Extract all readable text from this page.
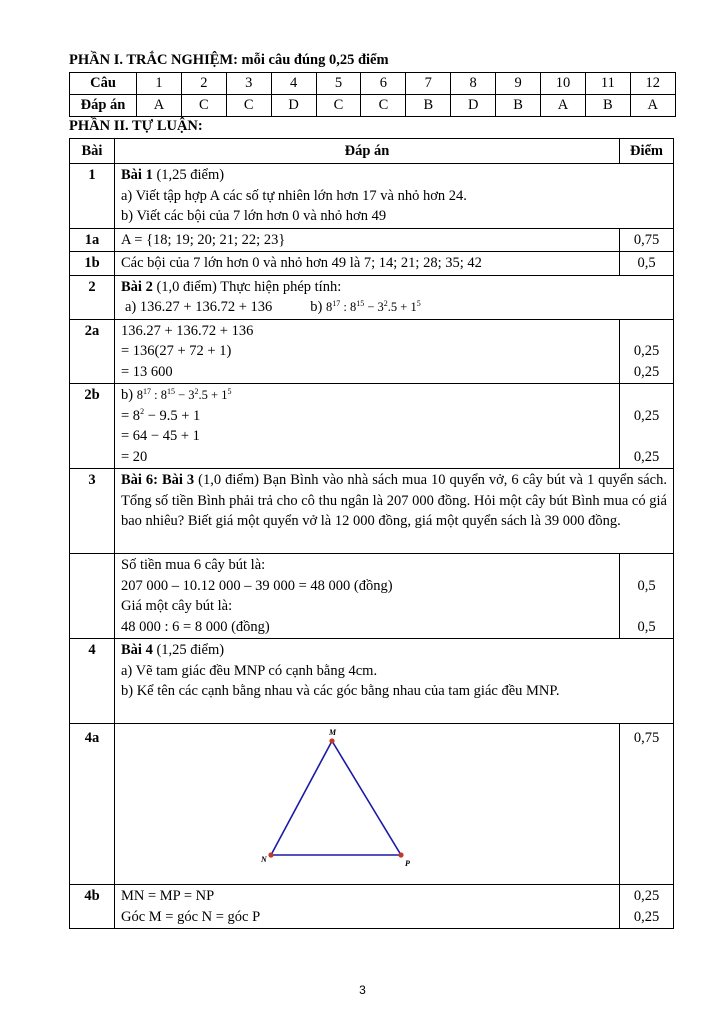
PHẦN I. TRẮC NGHIỆM: mỗi câu đúng 0,25 điểm
Câu	1	2	3	4	5	6	7	8	9	10	11	12
Đáp án	A	C	C	D	C	C	B	D	B	A	B	A
PHẦN II. TỰ LUẬN:
Bài	Đáp án	Điểm
1	Bài 1 (1,25 điểm)
a) Viết tập hợp A các số tự nhiên lớn hơn 17 và nhỏ hơn 24.
b) Viết các bội của 7 lớn hơn 0 và nhỏ hơn 49	

1a	A = {18; 19; 20; 21; 22; 23}	0,75
1b	Các bội của 7 lớn hơn 0 và nhỏ hơn 49 là 7; 14; 21; 28; 35; 42	0,5
2	Bài 2 (1,0 điểm) Thực hiện phép tính:
a) 136.27 + 136.72 + 136 b) $8^{17}$ : $8^{15} - 3^2.5 + 1^5$

2a	136.27 + 136.72 + 136
= 136(27 + 72 + 1)
= 13 600	0,25
0,25

2b	b) $8^{17}$ : $8^{15} - 3^2.5 + 1^5$
= $8^2 - 9.5 + 1$
= 64 − 45 + 1
= 20	0,25
0,25

3	Bài 6: Bài 3 (1,0 điểm) Bạn Bình vào nhà sách mua 10 quyển vở, 6 cây bút và 1 quyển sách. Tổng số tiền Bình phải trả cho cô thu ngân là 207 000 đồng. Hỏi một cây bút Bình mua có giá bao nhiêu? Biết giá một quyển vở là 12 000 đồng, giá một quyển sách là 39 000 đồng.	

	Số tiền mua 6 cây bút là:
207 000 – 10.12 000 – 39 000 = 48 000 (đồng)
Giá một cây bút là:
48 000 : 6 = 8 000 (đồng)	0,5
0,5

4	Bài 4 (1,25 điểm)
a) Vẽ tam giác đều MNP có cạnh bằng 4cm.
b) Kể tên các cạnh bằng nhau và các góc bằng nhau của tam giác đều MNP.	

4a	M
N P	0,75
4b	MN = MP = NP
Góc M = góc N = góc P	0,25
0,25
3
